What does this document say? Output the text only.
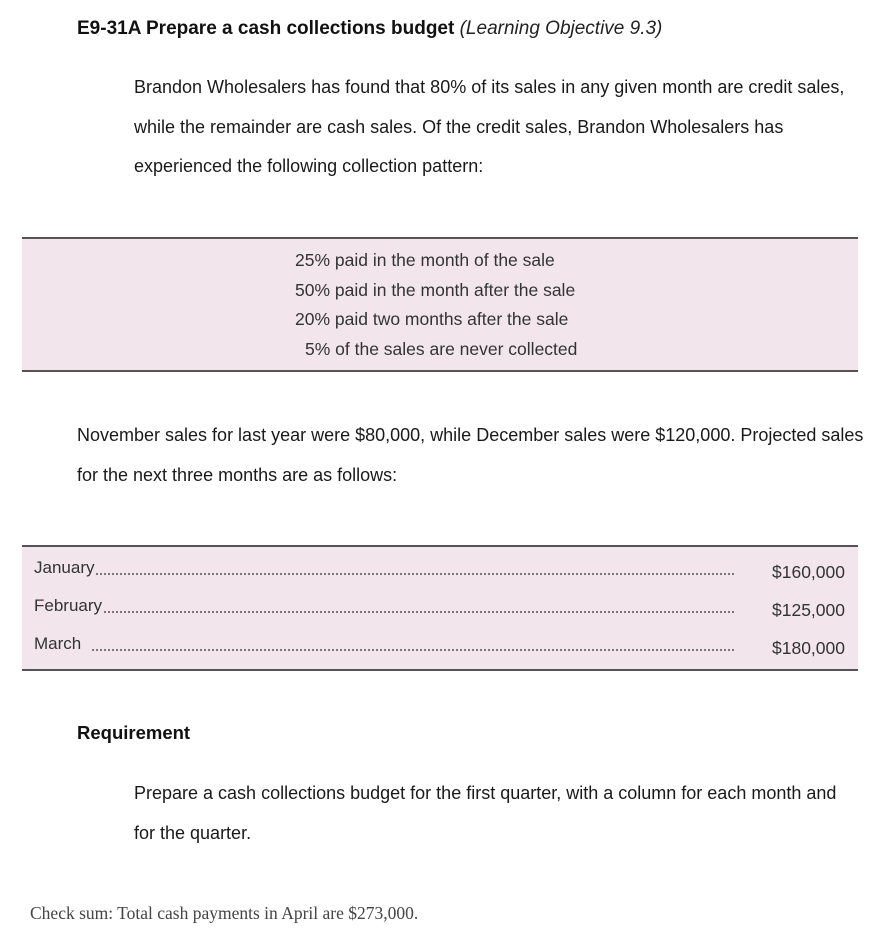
E9-31A Prepare a cash collections budget (Learning Objective 9.3)
Brandon Wholesalers has found that 80% of its sales in any given month are credit sales, while the remainder are cash sales. Of the credit sales, Brandon Wholesalers has experienced the following collection pattern:
25% paid in the month of the sale
50% paid in the month after the sale
20% paid two months after the sale
5% of the sales are never collected
November sales for last year were $80,000, while December sales were $120,000. Projected sales for the next three months are as follows:
January	$160,000
February	$125,000
March	$180,000
Requirement
Prepare a cash collections budget for the first quarter, with a column for each month and for the quarter.
Check sum: Total cash payments in April are $273,000.
